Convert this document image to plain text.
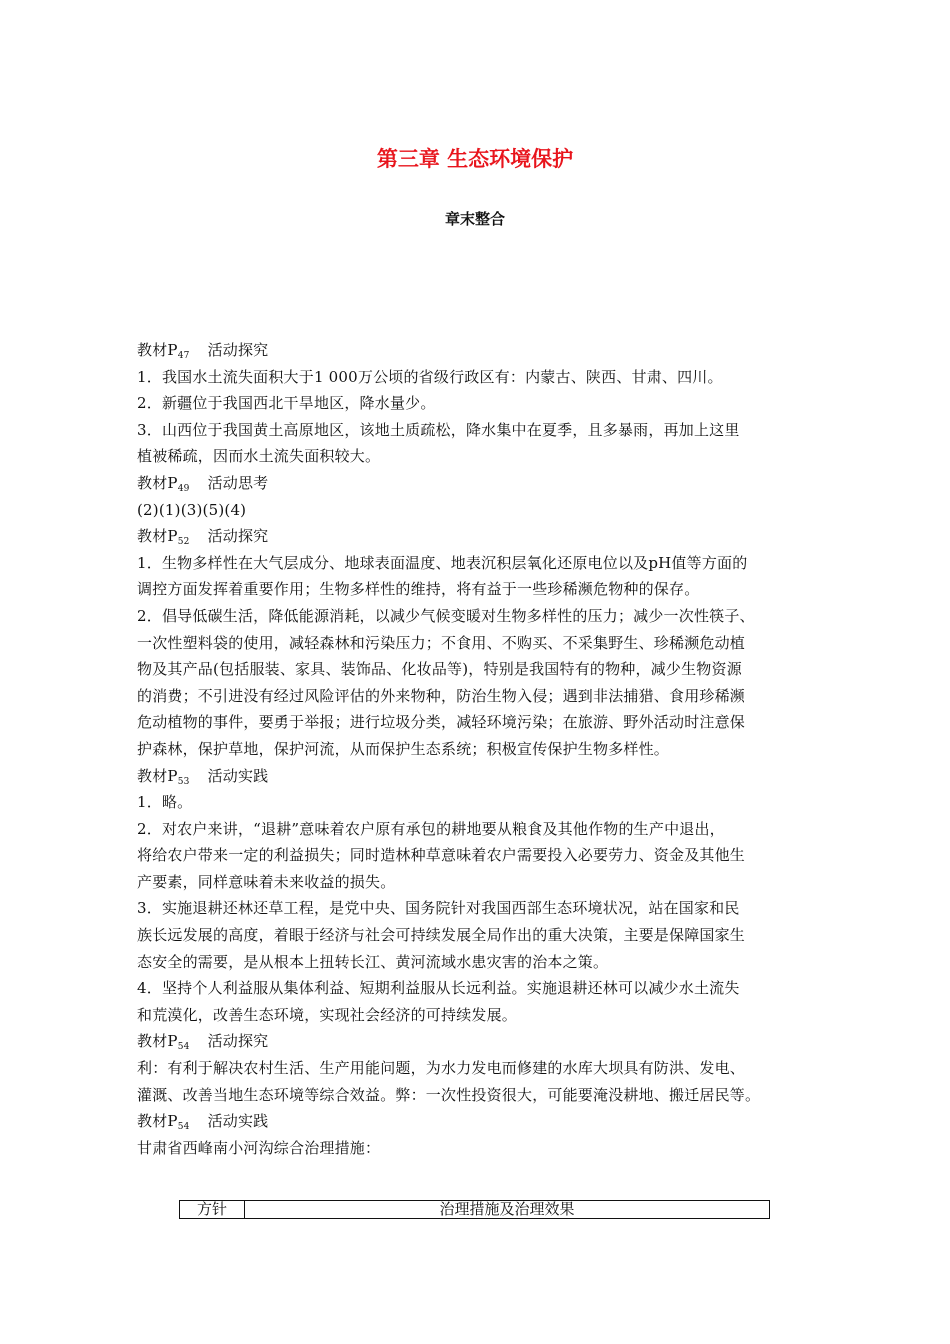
第三章 生态环境保护
章末整合
教材$P_{47}$ 活动探究
1．我国水土流失面积大于1 000万公顷的省级行政区有：内蒙古、陕西、甘肃、四川。
2．新疆位于我国西北干旱地区，降水量少。
3．山西位于我国黄土高原地区，该地土质疏松，降水集中在夏季，且多暴雨，再加上这里
植被稀疏，因而水土流失面积较大。
教材$P_{49}$ 活动思考
(2)(1)(3)(5)(4)
教材$P_{52}$ 活动探究
1．生物多样性在大气层成分、地球表面温度、地表沉积层氧化还原电位以及pH值等方面的
调控方面发挥着重要作用；生物多样性的维持，将有益于一些珍稀濒危物种的保存。
2．倡导低碳生活，降低能源消耗，以减少气候变暖对生物多样性的压力；减少一次性筷子、
一次性塑料袋的使用，减轻森林和污染压力；不食用、不购买、不采集野生、珍稀濒危动植
物及其产品(包括服装、家具、装饰品、化妆品等)，特别是我国特有的物种，减少生物资源
的消费；不引进没有经过风险评估的外来物种，防治生物入侵；遇到非法捕猎、食用珍稀濒
危动植物的事件，要勇于举报；进行垃圾分类，减轻环境污染；在旅游、野外活动时注意保
护森林，保护草地，保护河流，从而保护生态系统；积极宣传保护生物多样性。
教材$P_{53}$ 活动实践
1．略。
2．对农户来讲，“退耕”意味着农户原有承包的耕地要从粮食及其他作物的生产中退出，
将给农户带来一定的利益损失；同时造林种草意味着农户需要投入必要劳力、资金及其他生
产要素，同样意味着未来收益的损失。
3．实施退耕还林还草工程，是党中央、国务院针对我国西部生态环境状况，站在国家和民
族长远发展的高度，着眼于经济与社会可持续发展全局作出的重大决策，主要是保障国家生
态安全的需要，是从根本上扭转长江、黄河流域水患灾害的治本之策。
4．坚持个人利益服从集体利益、短期利益服从长远利益。实施退耕还林可以减少水土流失
和荒漠化，改善生态环境，实现社会经济的可持续发展。
教材$P_{54}$ 活动探究
利：有利于解决农村生活、生产用能问题，为水力发电而修建的水库大坝具有防洪、发电、
灌溉、改善当地生态环境等综合效益。弊：一次性投资很大，可能要淹没耕地、搬迁居民等。
教材$P_{54}$ 活动实践
甘肃省西峰南小河沟综合治理措施：
方针	治理措施及治理效果
